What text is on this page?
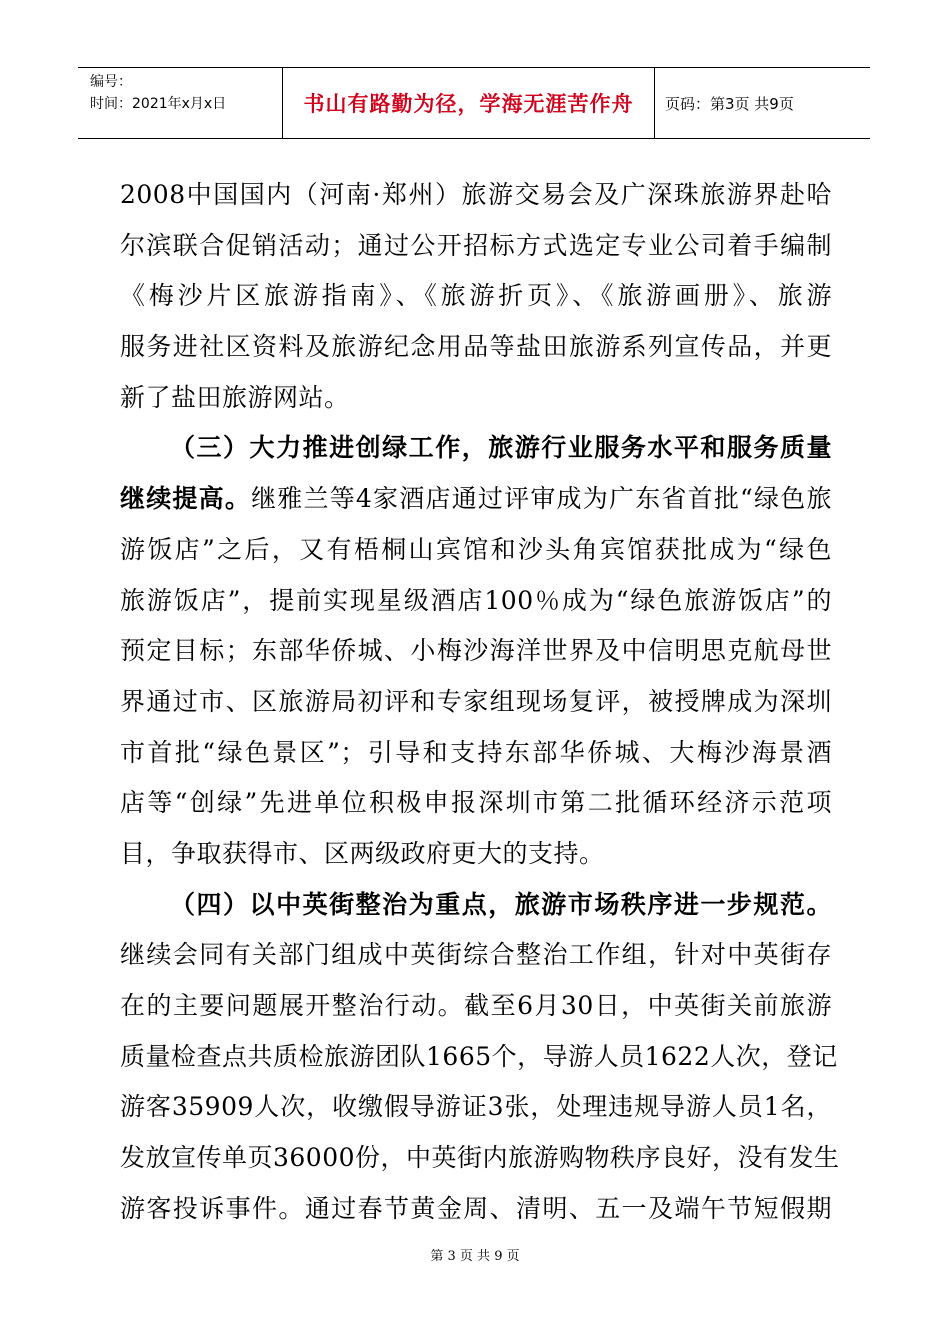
编号：
时间：2021年x月x日	书山有路勤为径，学海无涯苦作舟	页码：第3页 共9页
2008中国国内（河南·郑州）旅游交易会及广深珠旅游界赴哈
尔滨联合促销活动；通过公开招标方式选定专业公司着手编制
《梅沙片区旅游指南》、《旅游折页》、《旅游画册》、旅游
服务进社区资料及旅游纪念用品等盐田旅游系列宣传品，并更
新了盐田旅游网站。
（三）大力推进创绿工作，旅游行业服务水平和服务质量
继续提高。继雅兰等4家酒店通过评审成为广东省首批“绿色旅
游饭店”之后，又有梧桐山宾馆和沙头角宾馆获批成为“绿色
旅游饭店”，提前实现星级酒店100％成为“绿色旅游饭店”的
预定目标；东部华侨城、小梅沙海洋世界及中信明思克航母世
界通过市、区旅游局初评和专家组现场复评，被授牌成为深圳
市首批“绿色景区”；引导和支持东部华侨城、大梅沙海景酒
店等“创绿”先进单位积极申报深圳市第二批循环经济示范项
目，争取获得市、区两级政府更大的支持。
（四）以中英街整治为重点，旅游市场秩序进一步规范。
继续会同有关部门组成中英街综合整治工作组，针对中英街存
在的主要问题展开整治行动。截至6月30日，中英街关前旅游
质量检查点共质检旅游团队1665个，导游人员1622人次，登记
游客35909人次，收缴假导游证3张，处理违规导游人员1名，
发放宣传单页36000份，中英街内旅游购物秩序良好，没有发生
游客投诉事件。通过春节黄金周、清明、五一及端午节短假期
第 3 页 共 9 页
